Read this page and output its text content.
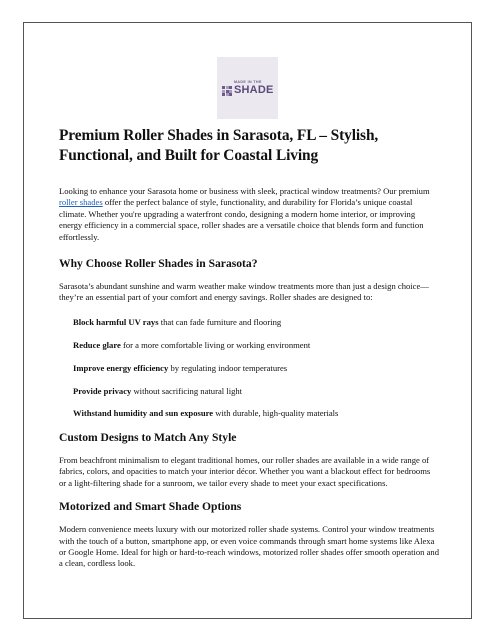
MADE IN THE
SHADE
Premium Roller Shades in Sarasota, FL – Stylish, Functional, and Built for Coastal Living

Looking to enhance your Sarasota home or business with sleek, practical window treatments? Our premium roller shades offer the perfect balance of style, functionality, and durability for Florida’s unique coastal climate. Whether you're upgrading a waterfront condo, designing a modern home interior, or improving energy efficiency in a commercial space, roller shades are a versatile choice that blends form and function effortlessly.

Why Choose Roller Shades in Sarasota?

Sarasota’s abundant sunshine and warm weather make window treatments more than just a design choice—they’re an essential part of your comfort and energy savings. Roller shades are designed to:

Block harmful UV rays that can fade furniture and flooring

Reduce glare for a more comfortable living or working environment

Improve energy efficiency by regulating indoor temperatures

Provide privacy without sacrificing natural light

Withstand humidity and sun exposure with durable, high-quality materials

Custom Designs to Match Any Style

From beachfront minimalism to elegant traditional homes, our roller shades are available in a wide range of fabrics, colors, and opacities to match your interior décor. Whether you want a blackout effect for bedrooms or a light-filtering shade for a sunroom, we tailor every shade to meet your exact specifications.

Motorized and Smart Shade Options

Modern convenience meets luxury with our motorized roller shade systems. Control your window treatments with the touch of a button, smartphone app, or even voice commands through smart home systems like Alexa or Google Home. Ideal for high or hard-to-reach windows, motorized roller shades offer smooth operation and a clean, cordless look.
